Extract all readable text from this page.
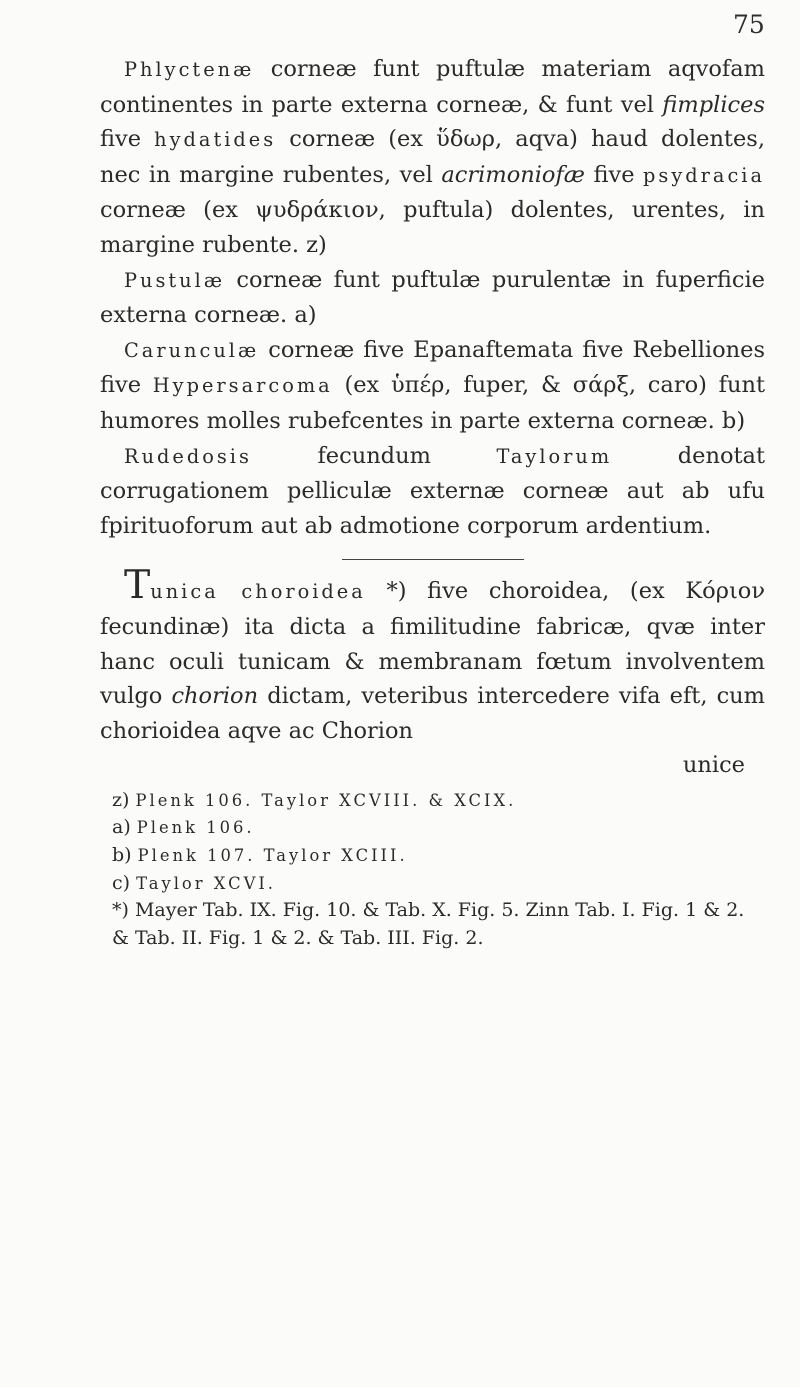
75

Phlyctenæ corneæ funt puftulæ materiam aqvofam continentes in parte externa corneæ, & funt vel fimplices five hydatides corneæ (ex ὕδωρ, aqva) haud dolentes, nec in margine rubentes, vel acrimoniofæ five psydracia corneæ (ex ψυδράκιον, puftula) dolentes, urentes, in margine rubente. z)

Pustulæ corneæ funt puftulæ purulentæ in fuperficie externa corneæ. a)

Carunculæ corneæ five Epanaftemata five Rebelliones five Hypersarcoma (ex ὑπέρ, fuper, & σάρξ, caro) funt humores molles rubefcentes in parte externa corneæ. b)

Rudedosis fecundum Taylorum denotat corrugationem pelliculæ externæ corneæ aut ab ufu fpirituoforum aut ab admotione corporum ardentium.

Tunica choroidea *) five choroidea, (ex Κόριον fecundinæ) ita dicta a fimilitudine fabricæ, qvæ inter hanc oculi tunicam & membranam fœtum involventem vulgo chorion dictam, veteribus intercedere vifa eft, cum chorioidea aqve ac Chorion

unice

z) Plenk 106. Taylor XCVIII. & XCIX.

a) Plenk 106.

b) Plenk 107. Taylor XCIII.

c) Taylor XCVI.

*) Mayer Tab. IX. Fig. 10. & Tab. X. Fig. 5. Zinn Tab. I. Fig. 1 & 2. & Tab. II. Fig. 1 & 2. & Tab. III. Fig. 2.
